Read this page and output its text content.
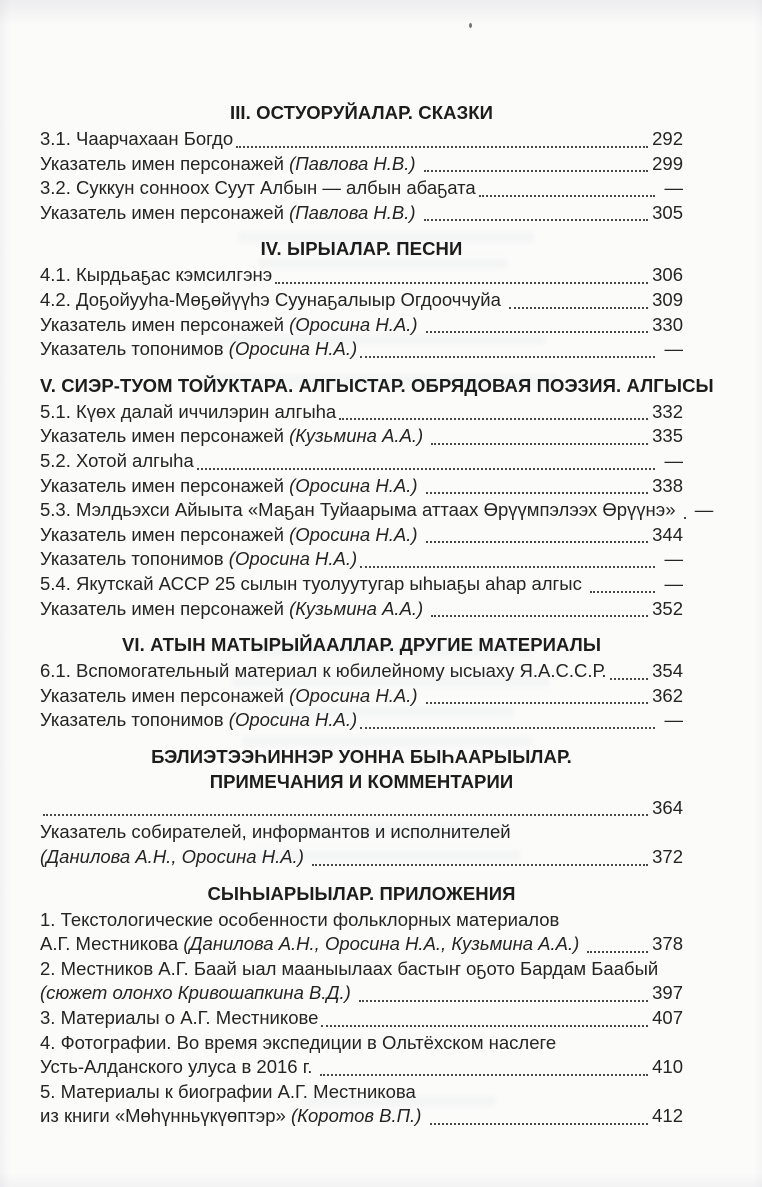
III. ОСТУОРУЙАЛАР. СКАЗКИ
3.1. Чаарчахаан Богдо	292
Указатель имен персонажей (Павлова Н.В.)	299
3.2. Суккун сонноох Суут Албын — албын абаҕата	—
Указатель имен персонажей (Павлова Н.В.)	305
IV. ЫРЫАЛАР. ПЕСНИ
4.1. Кырдьаҕас кэмсилгэнэ	306
4.2. Доҕойууһа-Мөҕөйүүһэ Суунаҕалыыр Огдооччуйа	309
Указатель имен персонажей (Оросина Н.А.)	330
Указатель топонимов (Оросина Н.А.)	—
V. СИЭР-ТУОМ ТОЙУКТАРА. АЛГЫСТАР. ОБРЯДОВАЯ ПОЭЗИЯ. АЛГЫСЫ
5.1. Күөх далай иччилэрин алгыһа	332
Указатель имен персонажей (Кузьмина А.А.)	335
5.2. Хотой алгыһа	—
Указатель имен персонажей (Оросина Н.А.)	338
5.3. Мэлдьэхси Айыыта «Маҕан Туйаарыма аттаах Өрүүмпэлээх Өрүүнэ» —
Указатель имен персонажей (Оросина Н.А.)	344
Указатель топонимов (Оросина Н.А.)	—
5.4. Якутскай АССР 25 сылын туолуутугар ыһыаҕы аһар алгыс	—
Указатель имен персонажей (Кузьмина А.А.)	352
VI. АТЫН МАТЫРЫЙААЛЛАР. ДРУГИЕ МАТЕРИАЛЫ
6.1. Вспомогательный материал к юбилейному ысыаху Я.А.С.С.Р. 354
Указатель имен персонажей (Оросина Н.А.)	362
Указатель топонимов (Оросина Н.А.)	—
БЭЛИЭТЭЭҺИННЭР УОННА БЫҺААРЫЫЛАР.
ПРИМЕЧАНИЯ И КОММЕНТАРИИ
364
Указатель собирателей, информантов и исполнителей
(Данилова А.Н., Оросина Н.А.)	372
СЫҺЫАРЫЫЛАР. ПРИЛОЖЕНИЯ
1. Текстологические особенности фольклорных материалов
А.Г. Местникова (Данилова А.Н., Оросина Н.А., Кузьмина А.А.)	378
2. Местников А.Г. Баай ыал мааныылаах бастыҥ оҕото Бардам Баабый
(сюжет олонхо Кривошапкина В.Д.)	397
3. Материалы о А.Г. Местникове	407
4. Фотографии. Во время экспедиции в Ольтёхском наслеге
Усть-Алданского улуса в 2016 г.	410
5. Материалы к биографии А.Г. Местникова
из книги «Мөһүнньүкүөптэр» (Коротов В.П.)	412
